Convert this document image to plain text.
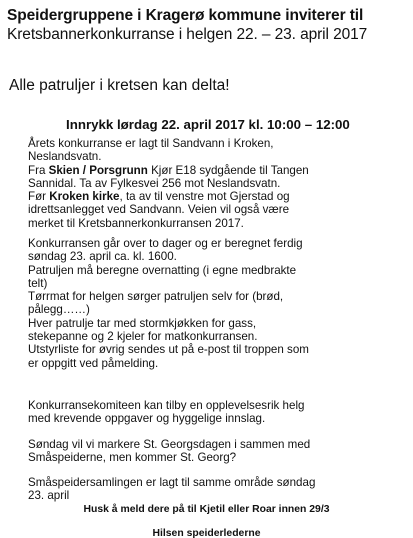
Speidergruppene i Kragerø kommune inviterer til
Kretsbannerkonkurranse i helgen 22. – 23. april 2017
Alle patruljer i kretsen kan delta!
Innrykk lørdag 22. april 2017 kl. 10:00 – 12:00
Årets konkurranse er lagt til Sandvann i Kroken,
Neslandsvatn.
Fra Skien / Porsgrunn Kjør E18 sydgående til Tangen
Sannidal. Ta av Fylkesvei 256 mot Neslandsvatn.
Før Kroken kirke, ta av til venstre mot Gjerstad og
idrettsanlegget ved Sandvann. Veien vil også være
merket til Kretsbannerkonkurransen 2017.
Konkurransen går over to dager og er beregnet ferdig
søndag 23. april ca. kl. 1600.
Patruljen må beregne overnatting (i egne medbrakte
telt)
Tørrmat for helgen sørger patruljen selv for (brød,
pålegg……)
Hver patrulje tar med stormkjøkken for gass,
stekepanne og 2 kjeler for matkonkurransen.
Utstyrliste for øvrig sendes ut på e-post til troppen som
er oppgitt ved påmelding.
Konkurransekomiteen kan tilby en opplevelsesrik helg
med krevende oppgaver og hyggelige innslag.
Søndag vil vi markere St. Georgsdagen i sammen med
Småspeiderne, men kommer St. Georg?
Småspeidersamlingen er lagt til samme område søndag
23. april
Husk å meld dere på til Kjetil eller Roar innen 29/3
Hilsen speiderlederne
